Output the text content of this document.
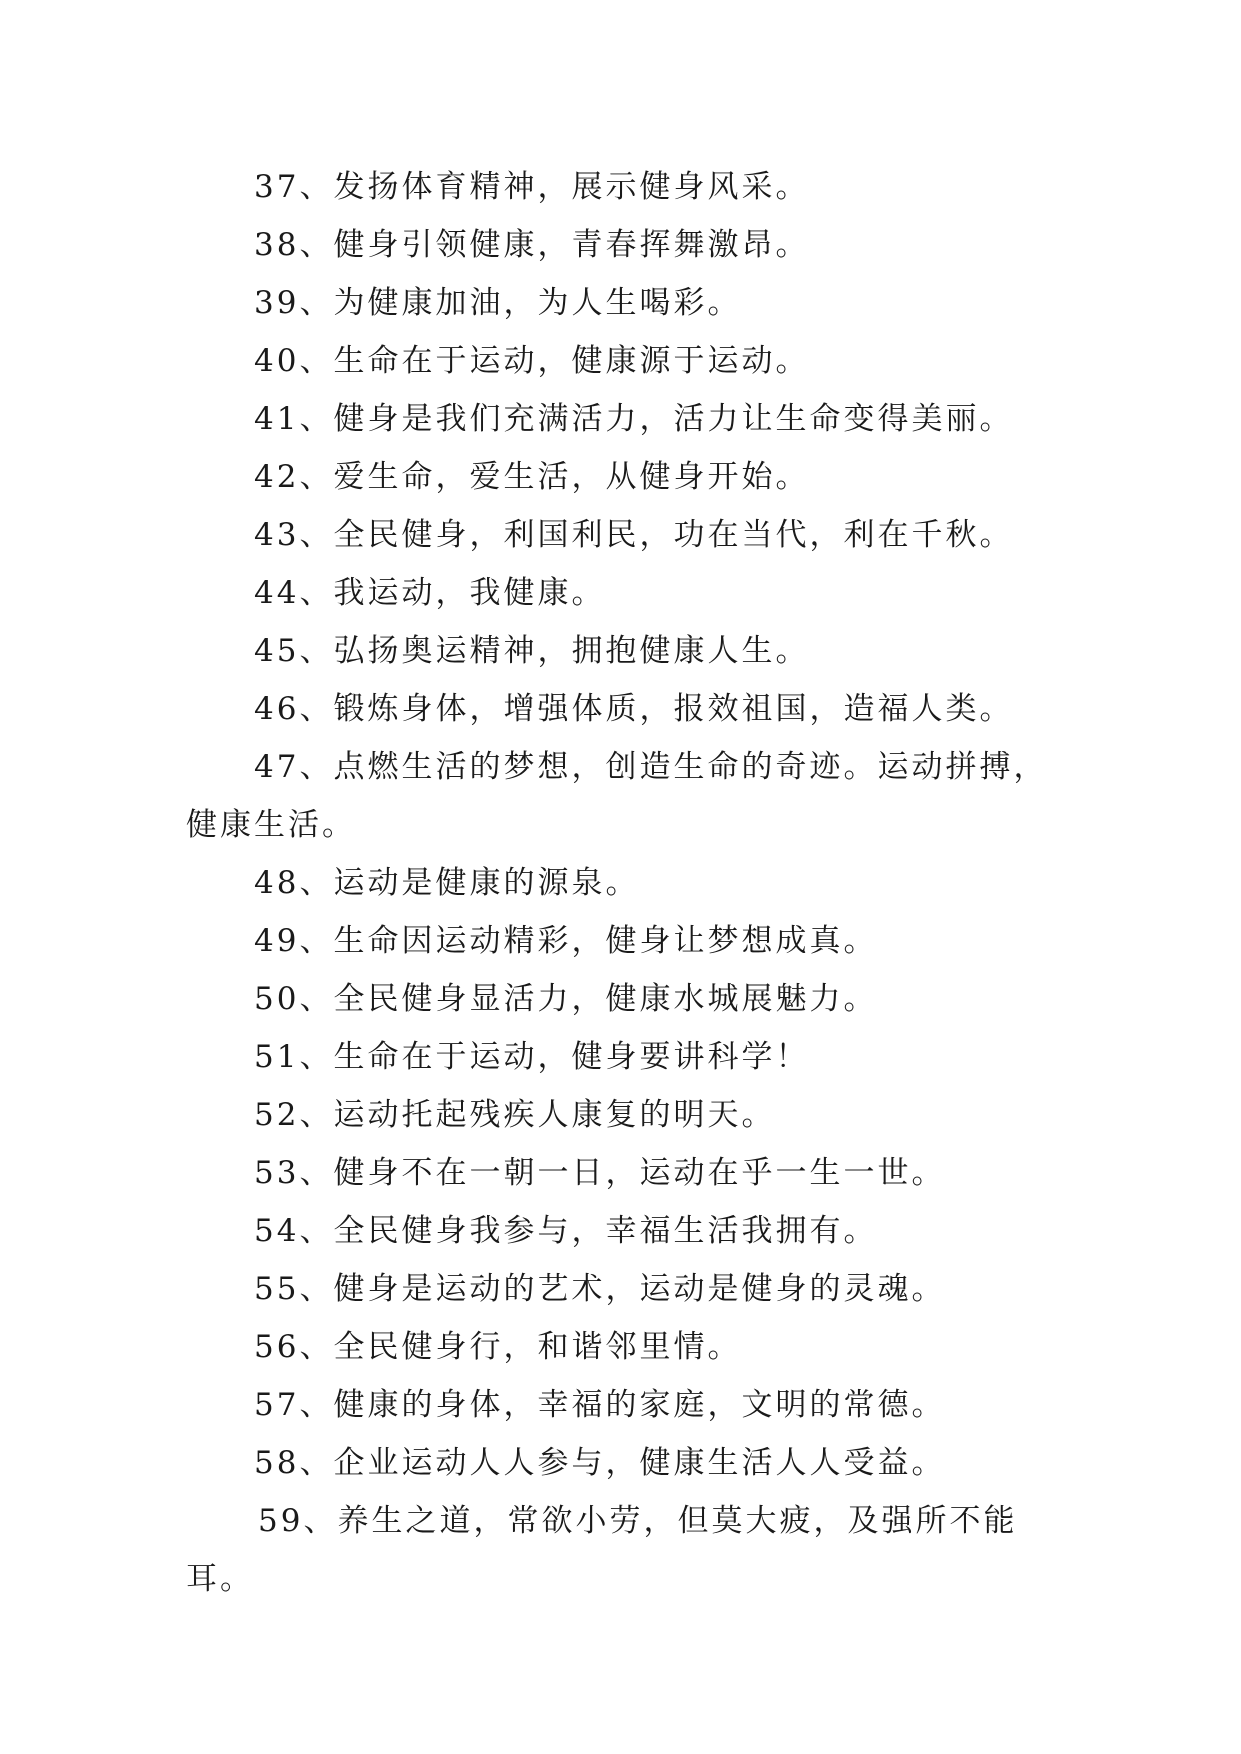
37、发扬体育精神，展示健身风采。
38、健身引领健康，青春挥舞激昂。
39、为健康加油，为人生喝彩。
40、生命在于运动，健康源于运动。
41、健身是我们充满活力，活力让生命变得美丽。
42、爱生命，爱生活，从健身开始。
43、全民健身，利国利民，功在当代，利在千秋。
44、我运动，我健康。
45、弘扬奥运精神，拥抱健康人生。
46、锻炼身体，增强体质，报效祖国，造福人类。
47、点燃生活的梦想，创造生命的奇迹。运动拼搏，健康生活。
48、运动是健康的源泉。
49、生命因运动精彩，健身让梦想成真。
50、全民健身显活力，健康水城展魅力。
51、生命在于运动，健身要讲科学！
52、运动托起残疾人康复的明天。
53、健身不在一朝一日，运动在乎一生一世。
54、全民健身我参与，幸福生活我拥有。
55、健身是运动的艺术，运动是健身的灵魂。
56、全民健身行，和谐邻里情。
57、健康的身体，幸福的家庭，文明的常德。
58、企业运动人人参与，健康生活人人受益。
59、养生之道，常欲小劳，但莫大疲，及强所不能耳。
